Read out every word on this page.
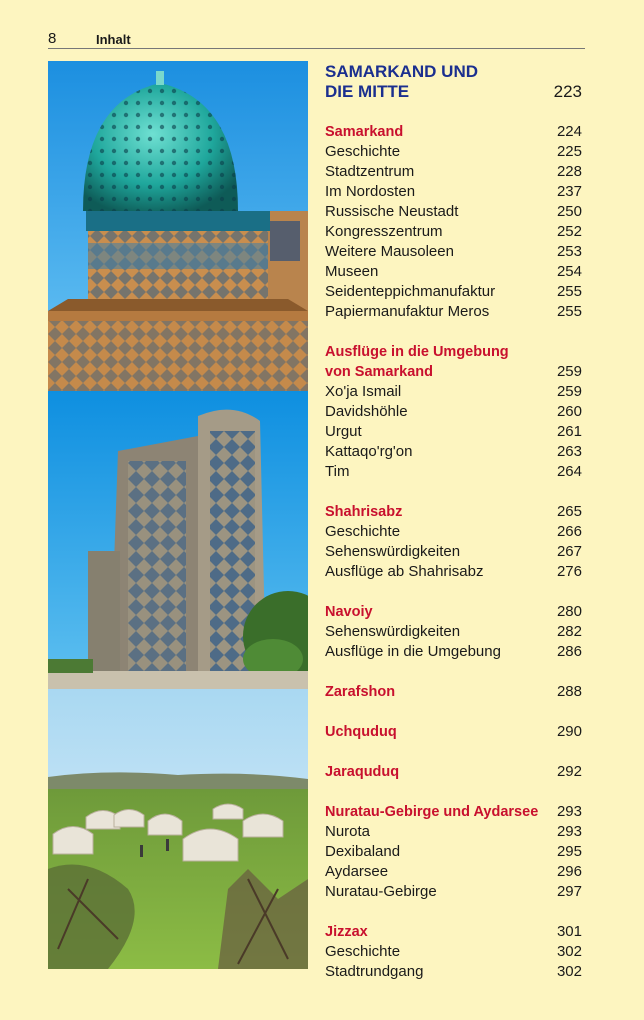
8	Inhalt
SAMARKAND UND
DIE MITTE	223
Samarkand	224
Geschichte	225
Stadtzentrum	228
Im Nordosten	237
Russische Neustadt	250
Kongresszentrum	252
Weitere Mausoleen	253
Museen	254
Seidenteppichmanufaktur	255
Papiermanufaktur Meros	255
Ausflüge in die Umgebung
von Samarkand	259
Xo'ja Ismail	259
Davidshöhle	260
Urgut	261
Kattaqo'rg'on	263
Tim	264
Shahrisabz	265
Geschichte	266
Sehenswürdigkeiten	267
Ausflüge ab Shahrisabz	276
Navoiy	280
Sehenswürdigkeiten	282
Ausflüge in die Umgebung	286
Zarafshon	288
Uchquduq	290
Jaraquduq	292
Nuratau-Gebirge und Aydarsee 293
Nurota	293
Dexibaland	295
Aydarsee	296
Nuratau-Gebirge	297
Jizzax	301
Geschichte	302
Stadtrundgang	302
